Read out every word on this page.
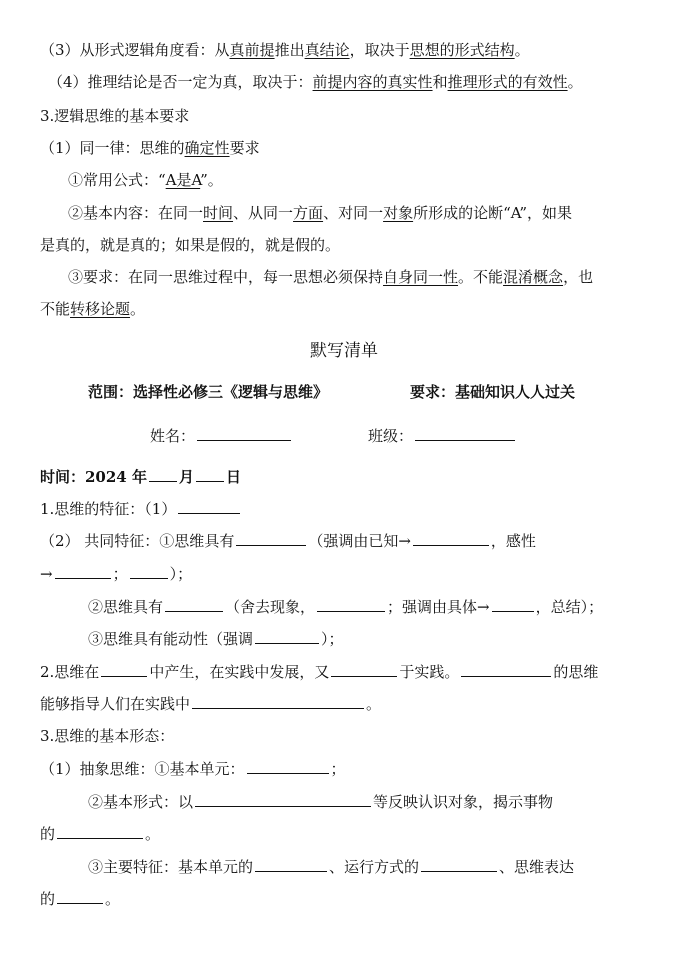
（3）从形式逻辑角度看：从真前提推出真结论，取决于思想的形式结构。
（4）推理结论是否一定为真，取决于：前提内容的真实性和推理形式的有效性。
3.逻辑思维的基本要求
（1）同一律：思维的确定性要求
①常用公式：“A是A”。
②基本内容：在同一时间、从同一方面、对同一对象所形成的论断“A”，如果
是真的，就是真的；如果是假的，就是假的。
③要求：在同一思维过程中，每一思想必须保持自身同一性。不能混淆概念，也
不能转移论题。
默写清单
范围：选择性必修三《逻辑与思维》	要求：基础知识人人过关
姓名：	班级：
时间：2024 年 月 日
1.思维的特征：（1）
（2） 共同特征：①思维具有	（强调由已知→	，感性
→	；	）；
②思维具有	（舍去现象，	；强调由具体→	，总结）；
③思维具有能动性（强调	）；
2.思维在	中产生，在实践中发展，又	于实践。	的思维
能够指导人们在实践中	。
3.思维的基本形态：
（1）抽象思维：①基本单元：	；
②基本形式：以	等反映认识对象，揭示事物
的	。
③主要特征：基本单元的	、运行方式的	、思维表达
的	。
